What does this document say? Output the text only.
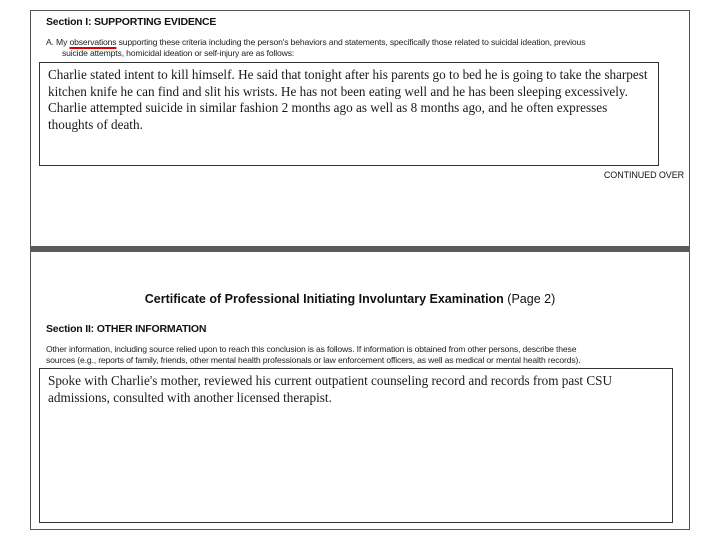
Section I: SUPPORTING EVIDENCE
A. My observations supporting these criteria including the person's behaviors and statements, specifically those related to suicidal ideation, previous
suicide attempts, homicidal ideation or self-injury are as follows:
Charlie stated intent to kill himself. He said that tonight after his parents go to bed he is going to take the sharpest kitchen knife he can find and slit his wrists. He has not been eating well and he has been sleeping excessively. Charlie attempted suicide in similar fashion 2 months ago as well as 8 months ago, and he often expresses thoughts of death.
CONTINUED OVER
Certificate of Professional Initiating Involuntary Examination (Page 2)
Section II: OTHER INFORMATION
Other information, including source relied upon to reach this conclusion is as follows. If information is obtained from other persons, describe these
sources (e.g., reports of family, friends, other mental health professionals or law enforcement officers, as well as medical or mental health records).
Spoke with Charlie's mother, reviewed his current outpatient counseling record and records from past CSU admissions, consulted with another licensed therapist.
